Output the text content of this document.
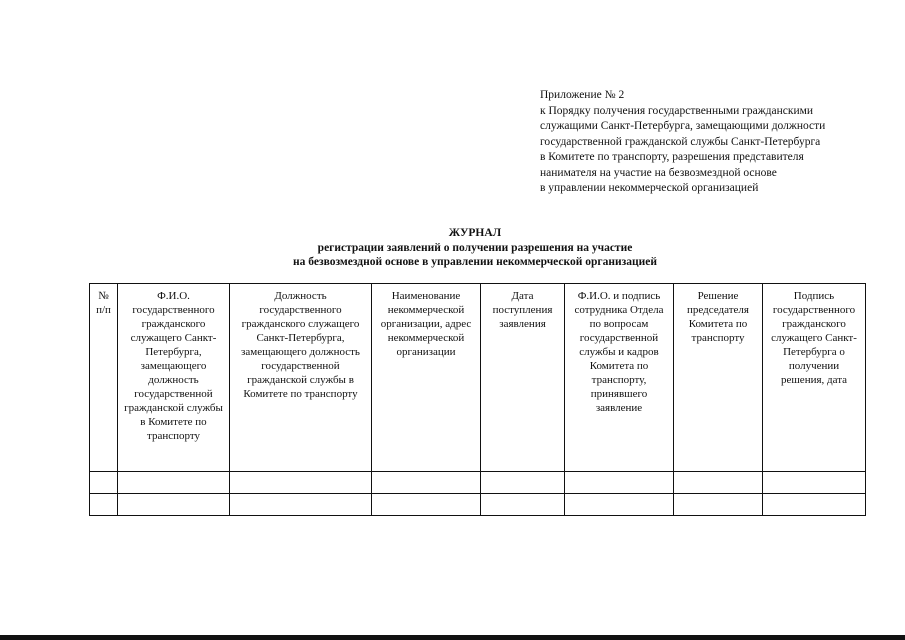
Приложение № 2
к Порядку получения государственными гражданскими
служащими Санкт-Петербурга, замещающими должности
государственной гражданской службы Санкт-Петербурга
в Комитете по транспорту, разрешения представителя
нанимателя на участие на безвозмездной основе
в управлении некоммерческой организацией
ЖУРНАЛ
регистрации заявлений о получении разрешения на участие
на безвозмездной основе в управлении некоммерческой организацией
№ п/п	Ф.И.О. государственного гражданского служащего Санкт-Петербурга, замещающего должность государственной гражданской службы в Комитете по транспорту	Должность государственного гражданского служащего Санкт-Петербурга, замещающего должность государственной гражданской службы в Комитете по транспорту	Наименование некоммерческой организации, адрес некоммерческой организации	Дата поступления заявления	Ф.И.О. и подпись сотрудника Отдела по вопросам государственной службы и кадров Комитета по транспорту, принявшего заявление	Решение председателя Комитета по транспорту	Подпись государственного гражданского служащего Санкт-Петербурга о получении решения, дата
